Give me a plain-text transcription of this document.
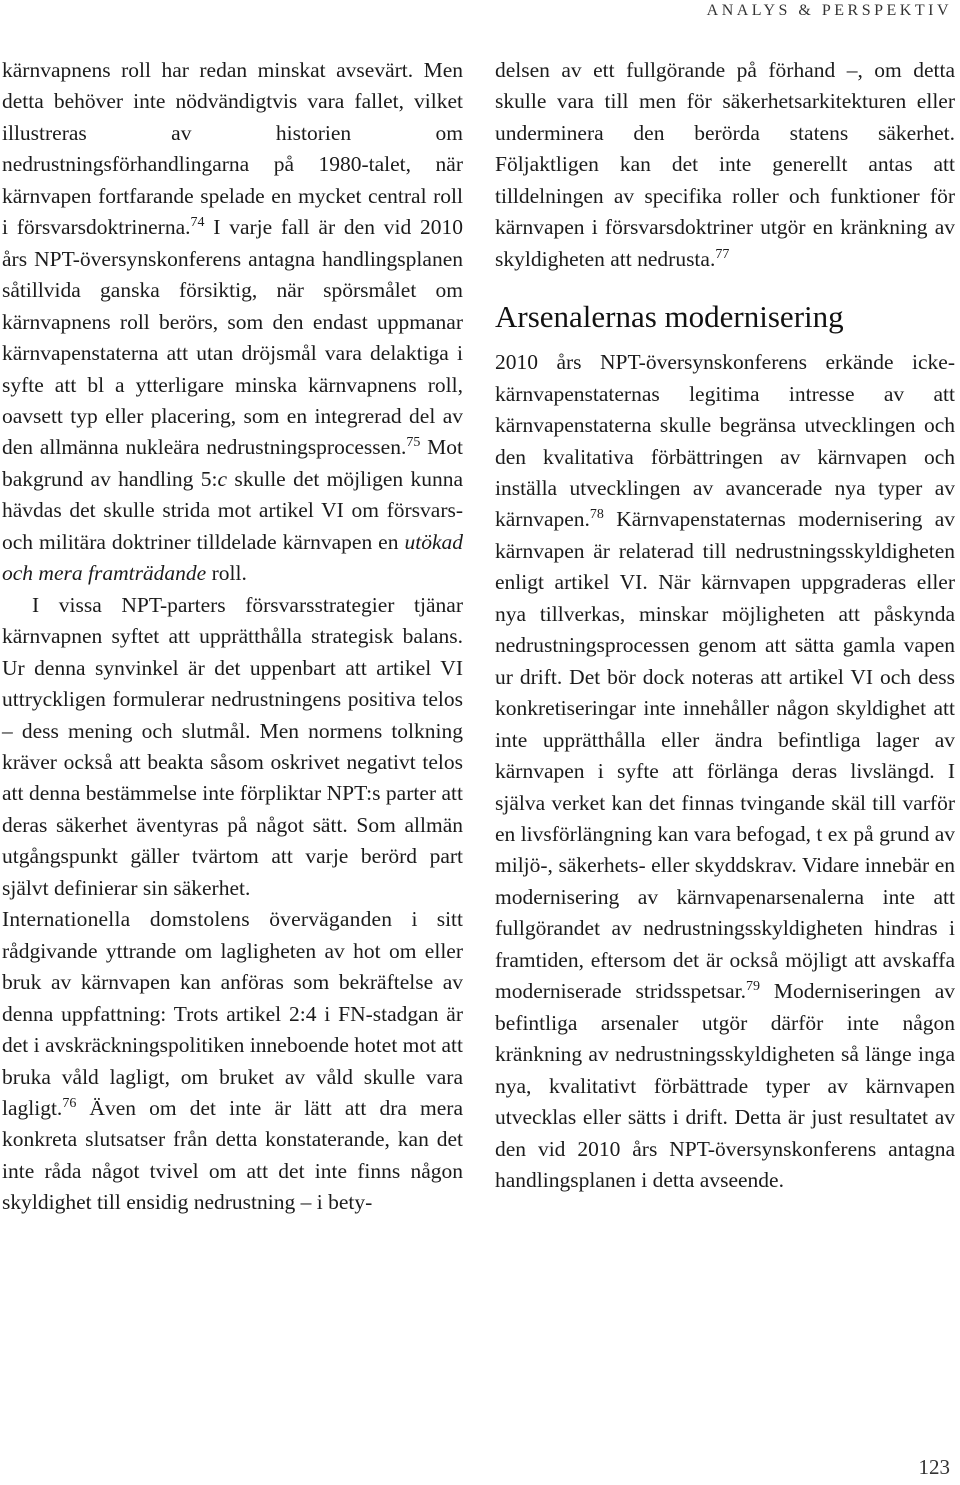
ANALYS & PERSPEKTIV

kärnvapnens roll har redan minskat avsevärt. Men detta behöver inte nödvändigtvis vara fallet, vilket illustreras av historien om nedrustningsförhandlingarna på 1980-talet, när kärnvapen fortfarande spelade en mycket central roll i försvarsdoktrinerna.$^{74}$ I varje fall är den vid 2010 års NPT-översynskonferens antagna handlingsplanen såtillvida ganska försiktig, när spörsmålet om kärnvapnens roll berörs, som den endast uppmanar kärnvapenstaterna att utan dröjsmål vara delaktiga i syfte att bl a ytterligare minska kärnvapnens roll, oavsett typ eller placering, som en integrerad del av den allmänna nukleära nedrustningsprocessen.$^{75}$ Mot bakgrund av handling 5:c skulle det möjligen kunna hävdas det skulle strida mot artikel VI om försvars- och militära doktriner tilldelade kärnvapen en utökad och mera framträdande roll.

I vissa NPT-parters försvarsstrategier tjänar kärnvapnen syftet att upprätthålla strategisk balans. Ur denna synvinkel är det uppenbart att artikel VI uttryckligen formulerar nedrustningens positiva telos – dess mening och slutmål. Men normens tolkning kräver också att beakta såsom oskrivet negativt telos att denna bestämmelse inte förpliktar NPT:s parter att deras säkerhet äventyras på något sätt. Som allmän utgångspunkt gäller tvärtom att varje berörd part självt definierar sin säkerhet.

Internationella domstolens överväganden i sitt rådgivande yttrande om lagligheten av hot om eller bruk av kärnvapen kan anföras som bekräftelse av denna uppfattning: Trots artikel 2:4 i FN-stadgan är det i avskräckningspolitiken inneboende hotet mot att bruka våld lagligt, om bruket av våld skulle vara lagligt.$^{76}$ Även om det inte är lätt att dra mera konkreta slutsatser från detta konstaterande, kan det inte råda något tvivel om att det inte finns någon skyldighet till ensidig nedrustning – i bety-

delsen av ett fullgörande på förhand –, om detta skulle vara till men för säkerhetsarkitekturen eller underminera den berörda statens säkerhet. Följaktligen kan det inte generellt antas att tilldelningen av specifika roller och funktioner för kärnvapen i försvarsdoktriner utgör en kränkning av skyldigheten att nedrusta.$^{77}$

Arsenalernas modernisering

2010 års NPT-översynskonferens erkände icke-kärnvapenstaternas legitima intresse av att kärnvapenstaterna skulle begränsa utvecklingen och den kvalitativa förbättringen av kärnvapen och inställa utvecklingen av avancerade nya typer av kärnvapen.$^{78}$ Kärnvapenstaternas modernisering av kärnvapen är relaterad till nedrustningsskyldigheten enligt artikel VI. När kärnvapen uppgraderas eller nya tillverkas, minskar möjligheten att påskynda nedrustningsprocessen genom att sätta gamla vapen ur drift. Det bör dock noteras att artikel VI och dess konkretiseringar inte innehåller någon skyldighet att inte upprätthålla eller ändra befintliga lager av kärnvapen i syfte att förlänga deras livslängd. I själva verket kan det finnas tvingande skäl till varför en livsförlängning kan vara befogad, t ex på grund av miljö-, säkerhets- eller skyddskrav. Vidare innebär en modernisering av kärnvapenarsenalerna inte att fullgörandet av nedrustningsskyldigheten hindras i framtiden, eftersom det är också möjligt att avskaffa moderniserade stridsspetsar.$^{79}$ Moderniseringen av befintliga arsenaler utgör därför inte någon kränkning av nedrustningsskyldigheten så länge inga nya, kvalitativt förbättrade typer av kärnvapen utvecklas eller sätts i drift. Detta är just resultatet av den vid 2010 års NPT-översynskonferens antagna handlingsplanen i detta avseende.

123
